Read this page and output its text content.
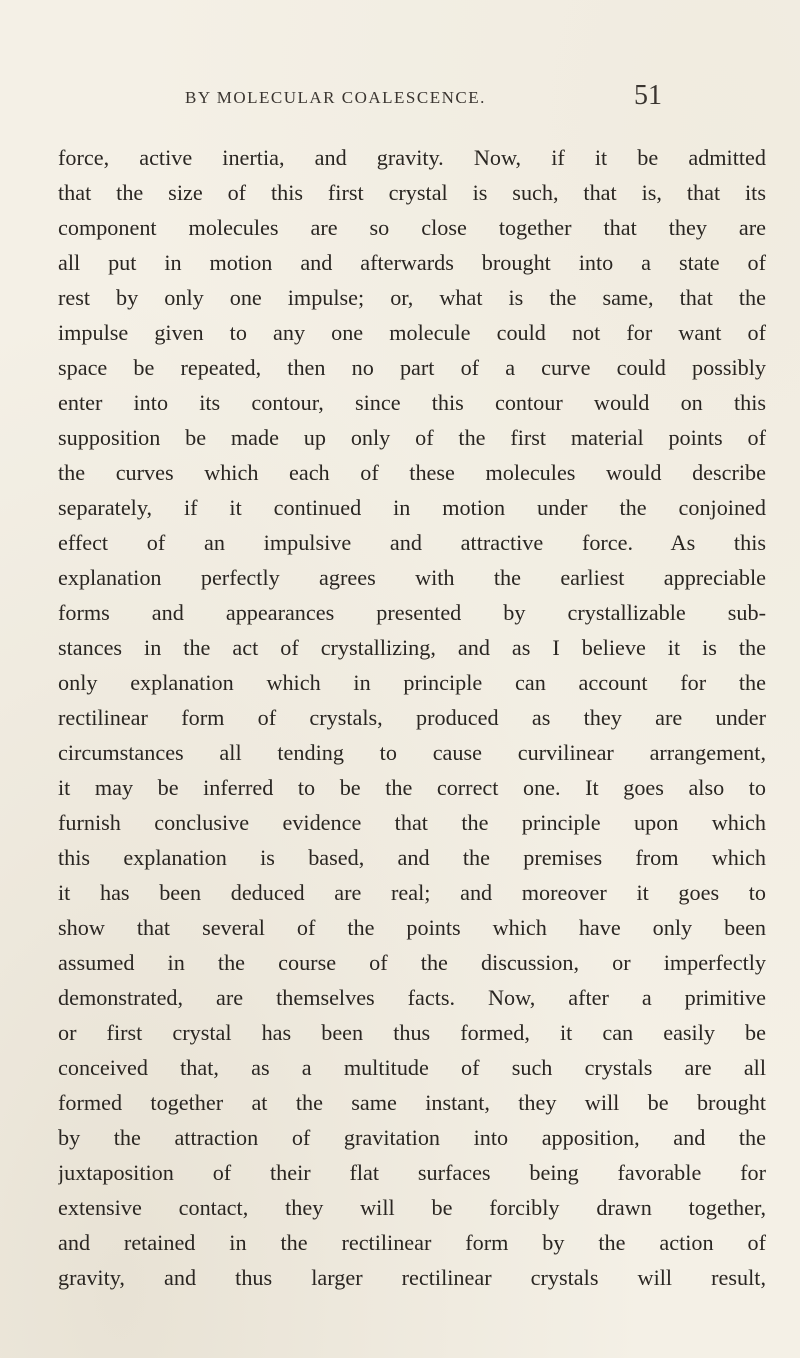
BY MOLECULAR COALESCENCE.	51
force, active inertia, and gravity. Now, if it be admitted
that the size of this first crystal is such, that is, that its
component molecules are so close together that they are
all put in motion and afterwards brought into a state of
rest by only one impulse; or, what is the same, that the
impulse given to any one molecule could not for want of
space be repeated, then no part of a curve could possibly
enter into its contour, since this contour would on this
supposition be made up only of the first material points of
the curves which each of these molecules would describe
separately, if it continued in motion under the conjoined
effect of an impulsive and attractive force. As this
explanation perfectly agrees with the earliest appreciable
forms and appearances presented by crystallizable sub-
stances in the act of crystallizing, and as I believe it is the
only explanation which in principle can account for the
rectilinear form of crystals, produced as they are under
circumstances all tending to cause curvilinear arrangement,
it may be inferred to be the correct one. It goes also to
furnish conclusive evidence that the principle upon which
this explanation is based, and the premises from which
it has been deduced are real; and moreover it goes to
show that several of the points which have only been
assumed in the course of the discussion, or imperfectly
demonstrated, are themselves facts. Now, after a primitive
or first crystal has been thus formed, it can easily be
conceived that, as a multitude of such crystals are all
formed together at the same instant, they will be brought
by the attraction of gravitation into apposition, and the
juxtaposition of their flat surfaces being favorable for
extensive contact, they will be forcibly drawn together,
and retained in the rectilinear form by the action of
gravity, and thus larger rectilinear crystals will result,
